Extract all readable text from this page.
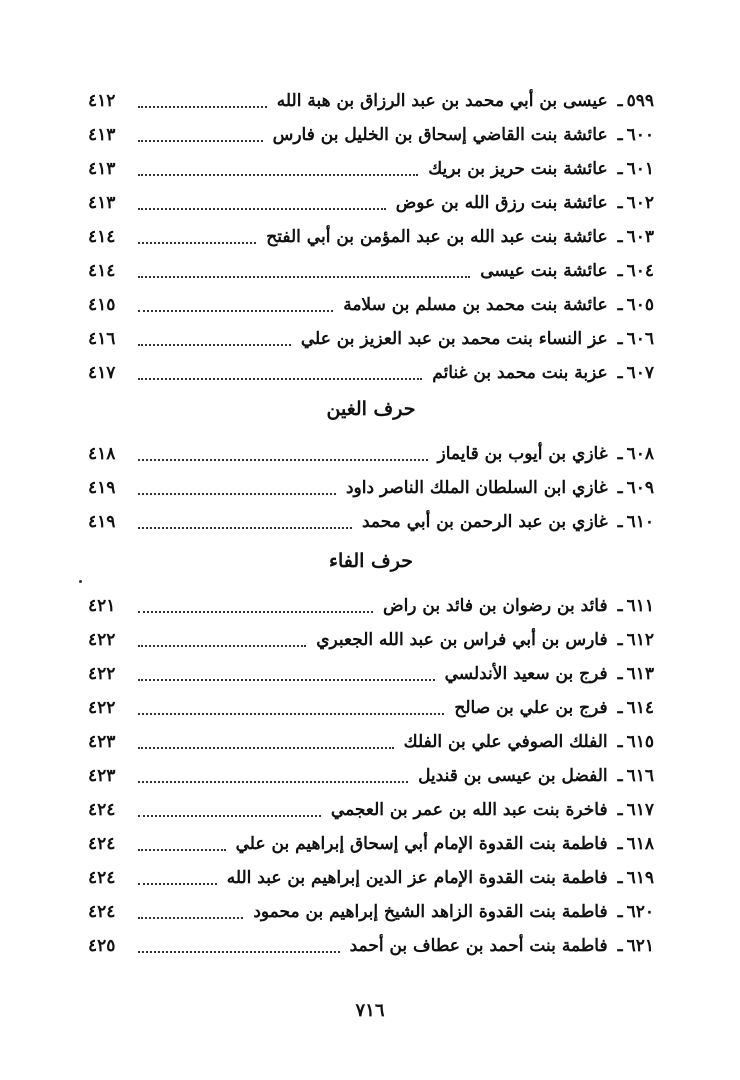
٥٩٩
ـ
عيسى بن أبي محمد بن عبد الرزاق بن هبة الله
٤١٢
٦٠٠
ـ
عائشة بنت القاضي إسحاق بن الخليل بن فارس
٤١٣
٦٠١
ـ
عائشة بنت حريز بن بريك
٤١٣
٦٠٢
ـ
عائشة بنت رزق الله بن عوض
٤١٣
٦٠٣
ـ
عائشة بنت عبد الله بن عبد المؤمن بن أبي الفتح
٤١٤
٦٠٤
ـ
عائشة بنت عيسى
٤١٤
٦٠٥
ـ
عائشة بنت محمد بن مسلم بن سلامة
٤١٥
٦٠٦
ـ
عز النساء بنت محمد بن عبد العزيز بن علي
٤١٦
٦٠٧
ـ
عزبة بنت محمد بن غنائم
٤١٧
حرف الغين
٦٠٨
ـ
غازي بن أيوب بن قايماز
٤١٨
٦٠٩
ـ
غازي ابن السلطان الملك الناصر داود
٤١٩
٦١٠
ـ
غازي بن عبد الرحمن بن أبي محمد
٤١٩
حرف الفاء
٦١١
ـ
فائد بن رضوان بن فائد بن راض
٤٢١
٦١٢
ـ
فارس بن أبي فراس بن عبد الله الجعبري
٤٢٢
٦١٣
ـ
فرج بن سعيد الأندلسي
٤٢٢
٦١٤
ـ
فرج بن علي بن صالح
٤٢٢
٦١٥
ـ
الفلك الصوفي علي بن الفلك
٤٢٣
٦١٦
ـ
الفضل بن عيسى بن قنديل
٤٢٣
٦١٧
ـ
فاخرة بنت عبد الله بن عمر بن العجمي
٤٢٤
٦١٨
ـ
فاطمة بنت القدوة الإمام أبي إسحاق إبراهيم بن علي
٤٢٤
٦١٩
ـ
فاطمة بنت القدوة الإمام عز الدين إبراهيم بن عبد الله
٤٢٤
٦٢٠
ـ
فاطمة بنت القدوة الزاهد الشيخ إبراهيم بن محمود
٤٢٤
٦٢١
ـ
فاطمة بنت أحمد بن عطاف بن أحمد
٤٢٥
٧١٦
